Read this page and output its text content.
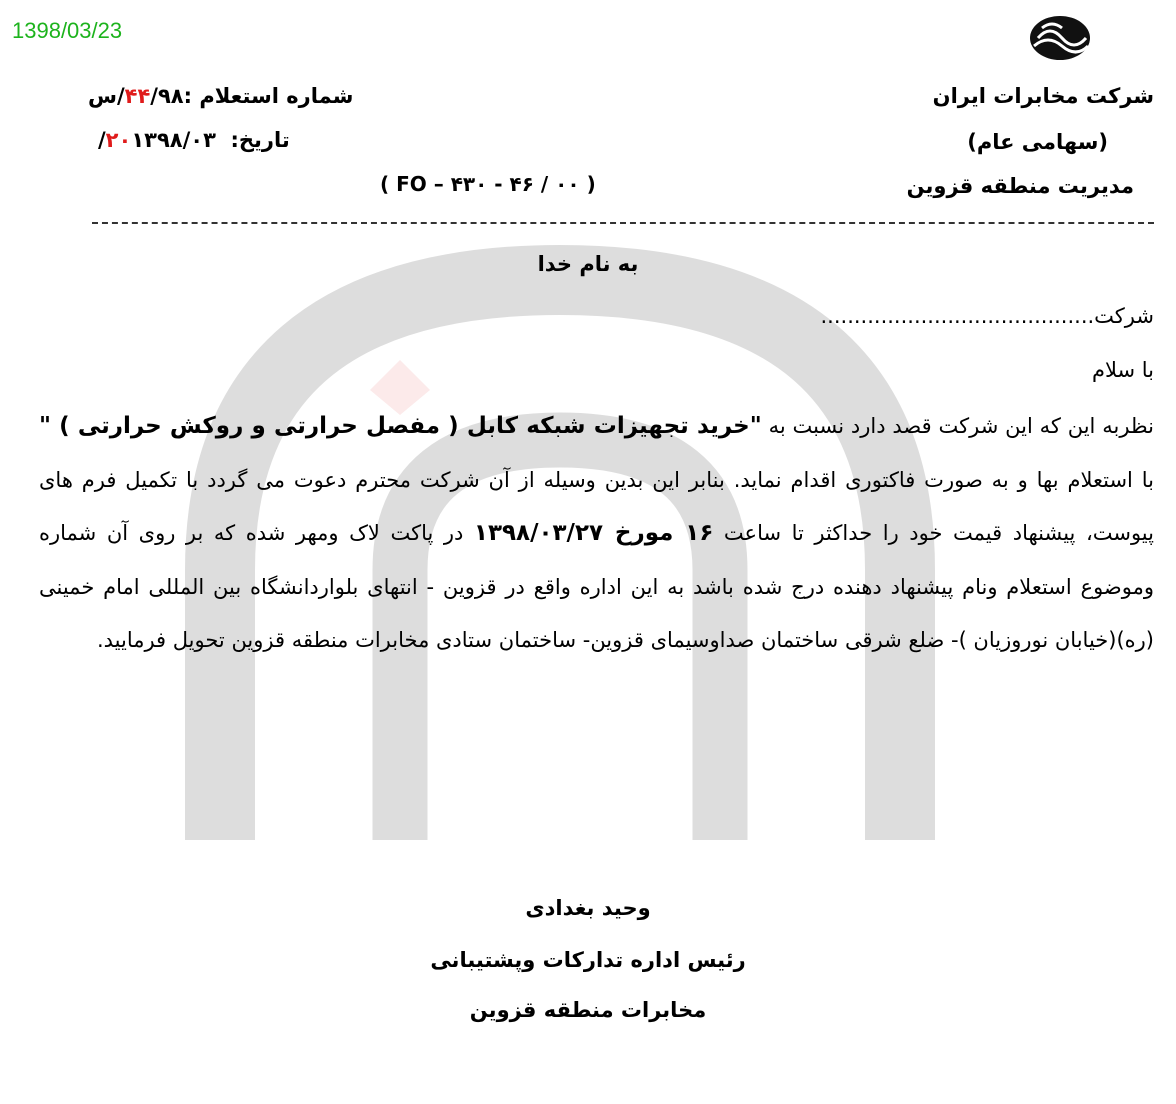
1398/03/23
شرکت مخابرات ایران
(سهامی عام)
مدیریت منطقه قزوین
شماره استعلام :۴۴/۹۸/س
تاریخ:  ۲۰۱۳۹۸/۰۳/
( FO – ۴۳۰ - ۴۶ / ۰۰ )
به نام خدا
شرکت.........................................
با سلام
نظربه این که این شرکت قصد دارد نسبت به "خرید تجهیزات شبکه کابل ( مفصل حرارتی و روکش حرارتی ) " با استعلام بها و به صورت فاکتوری اقدام نماید. بنابر این بدین وسیله از آن شرکت محترم دعوت می گردد با تکمیل فرم های پیوست، پیشنهاد قیمت خود را حداکثر تا ساعت ۱۶ مورخ ۱۳۹۸/۰۳/۲۷ در پاکت لاک ومهر شده که بر روی آن شماره وموضوع استعلام ونام پیشنهاد دهنده درج شده باشد به این اداره واقع در قزوین - انتهای بلواردانشگاه بین المللی امام خمینی (ره)(خیابان نوروزیان )- ضلع شرقی ساختمان صداوسیمای قزوین- ساختمان ستادی مخابرات منطقه قزوین تحویل فرمایید.
وحید بغدادی
رئیس اداره تدارکات وپشتیبانی
مخابرات منطقه قزوین
